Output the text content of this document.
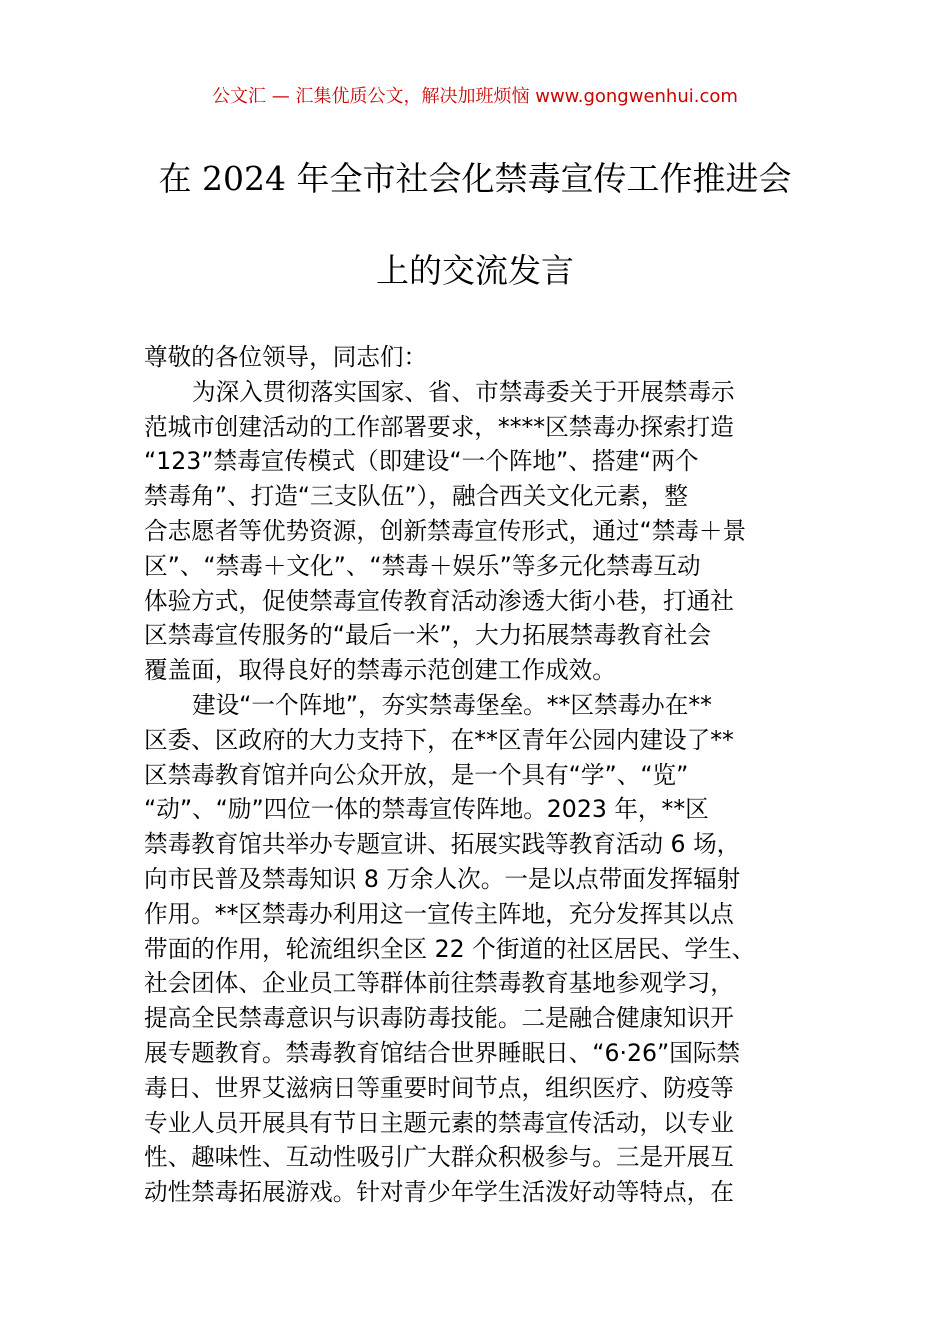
公文汇 — 汇集优质公文，解决加班烦恼 www.gongwenhui.com
在 2024 年全市社会化禁毒宣传工作推进会
上的交流发言
尊敬的各位领导，同志们：
为深入贯彻落实国家、省、市禁毒委关于开展禁毒示
范城市创建活动的工作部署要求，****区禁毒办探索打造
“123”禁毒宣传模式（即建设“一个阵地”、搭建“两个
禁毒角”、打造“三支队伍”），融合西关文化元素，整
合志愿者等优势资源，创新禁毒宣传形式，通过“禁毒＋景
区”、“禁毒＋文化”、“禁毒＋娱乐”等多元化禁毒互动
体验方式，促使禁毒宣传教育活动渗透大街小巷，打通社
区禁毒宣传服务的“最后一米”，大力拓展禁毒教育社会
覆盖面，取得良好的禁毒示范创建工作成效。
建设“一个阵地”，夯实禁毒堡垒。**区禁毒办在**
区委、区政府的大力支持下，在**区青年公园内建设了**
区禁毒教育馆并向公众开放，是一个具有“学”、“览”
“动”、“励”四位一体的禁毒宣传阵地。2023 年，**区
禁毒教育馆共举办专题宣讲、拓展实践等教育活动 6 场，
向市民普及禁毒知识 8 万余人次。一是以点带面发挥辐射
作用。**区禁毒办利用这一宣传主阵地，充分发挥其以点
带面的作用，轮流组织全区 22 个街道的社区居民、学生、
社会团体、企业员工等群体前往禁毒教育基地参观学习，
提高全民禁毒意识与识毒防毒技能。二是融合健康知识开
展专题教育。禁毒教育馆结合世界睡眠日、“6·26”国际禁
毒日、世界艾滋病日等重要时间节点，组织医疗、防疫等
专业人员开展具有节日主题元素的禁毒宣传活动，以专业
性、趣味性、互动性吸引广大群众积极参与。三是开展互
动性禁毒拓展游戏。针对青少年学生活泼好动等特点，在
